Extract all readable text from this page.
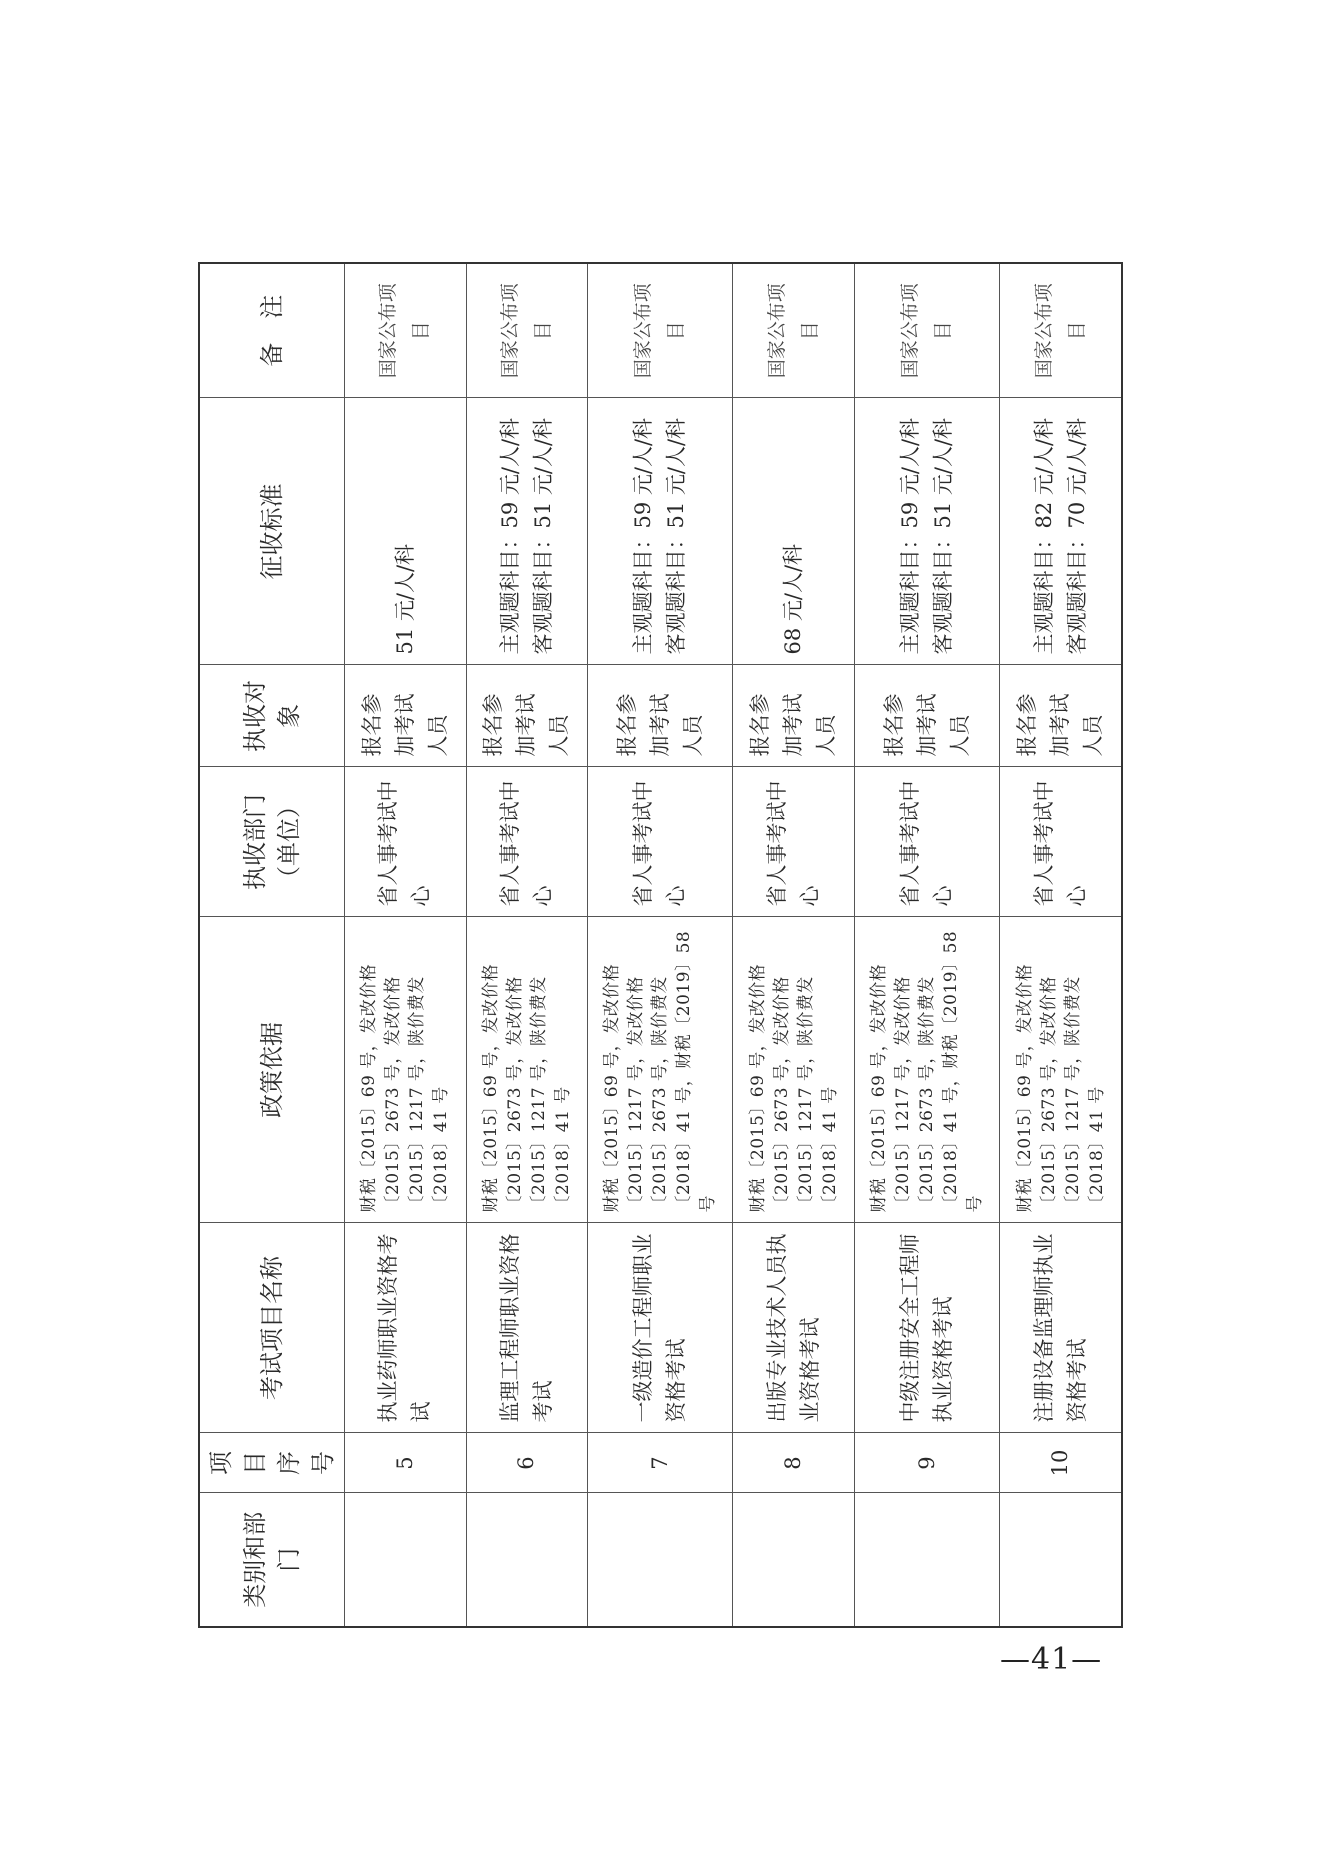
类别和部门	项目序号	考试项目名称	政策依据	执收部门（单位）	执收对象	征收标准	备　注
	5	执业药师职业资格考试	财税〔2015〕69 号，发改价格〔2015〕2673 号，发改价格〔2015〕1217 号，陕价费发〔2018〕41 号	省人事考试中心	报名参加考试人员	51 元/人/科	国家公布项目
	6	监理工程师职业资格考试	财税〔2015〕69 号，发改价格〔2015〕2673 号，发改价格〔2015〕1217 号，陕价费发〔2018〕41 号	省人事考试中心	报名参加考试人员	主观题科目：59 元/人/科 客观题科目：51 元/人/科	国家公布项目
	7	一级造价工程师职业资格考试	财税〔2015〕69 号，发改价格〔2015〕1217 号，发改价格〔2015〕2673 号，陕价费发〔2018〕41 号，财税〔2019〕58 号	省人事考试中心	报名参加考试人员	主观题科目：59 元/人/科 客观题科目：51 元/人/科	国家公布项目
	8	出版专业技术人员执业资格考试	财税〔2015〕69 号，发改价格〔2015〕2673 号，发改价格〔2015〕1217 号，陕价费发〔2018〕41 号	省人事考试中心	报名参加考试人员	68 元/人/科	国家公布项目
	9	中级注册安全工程师执业资格考试	财税〔2015〕69 号，发改价格〔2015〕1217 号，发改价格〔2015〕2673 号，陕价费发〔2018〕41 号，财税〔2019〕58 号	省人事考试中心	报名参加考试人员	主观题科目：59 元/人/科 客观题科目：51 元/人/科	国家公布项目
	10	注册设备监理师执业资格考试	财税〔2015〕69 号，发改价格〔2015〕2673 号，发改价格〔2015〕1217 号，陕价费发〔2018〕41 号	省人事考试中心	报名参加考试人员	主观题科目：82 元/人/科 客观题科目：70 元/人/科	国家公布项目
—41—
